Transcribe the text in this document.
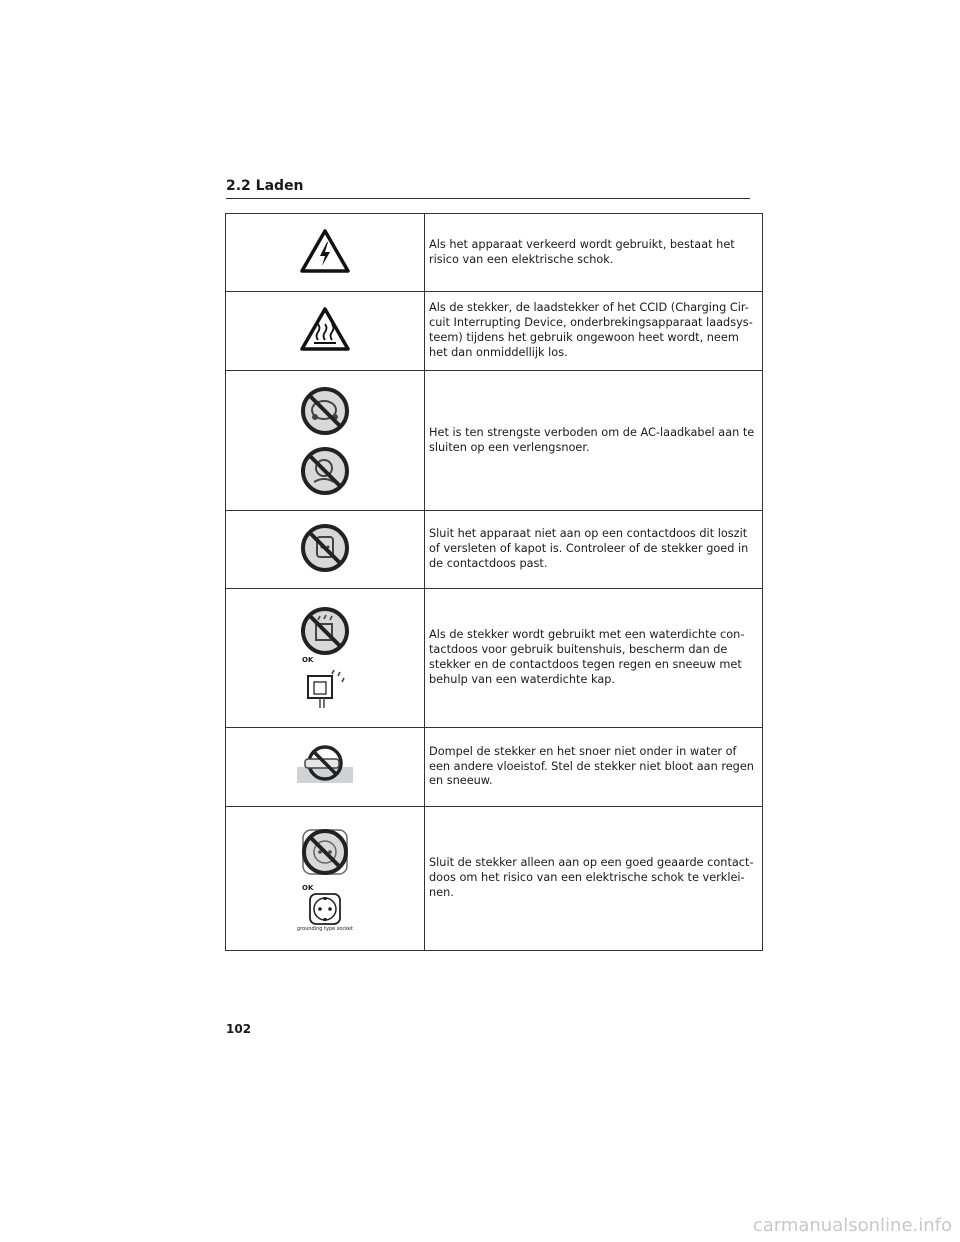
2.2 Laden

Als het apparaat verkeerd wordt gebruikt, bestaat het risico van een elektrische schok.

Als de stekker, de laadstekker of het CCID (Charging Cir-cuit Interrupting Device, onderbrekingsapparaat laadsys-teem) tijdens het gebruik ongewoon heet wordt, neem het dan onmiddellijk los.

Het is ten strengste verboden om de AC-laadkabel aan te sluiten op een verlengsnoer.

Sluit het apparaat niet aan op een contactdoos dit loszit of versleten of kapot is. Controleer of de stekker goed in de contactdoos past.

OK	Als de stekker wordt gebruikt met een waterdichte con-tactdoos voor gebruik buitenshuis, bescherm dan de stekker en de contactdoos tegen regen en sneeuw met behulp van een waterdichte kap.

Dompel de stekker en het snoer niet onder in water of een andere vloeistof. Stel de stekker niet bloot aan regen en sneeuw.

OK
grounding type socket	Sluit de stekker alleen aan op een goed geaarde contact-doos om het risico van een elektrische schok te verklei-nen.
102
carmanualsonline.info
